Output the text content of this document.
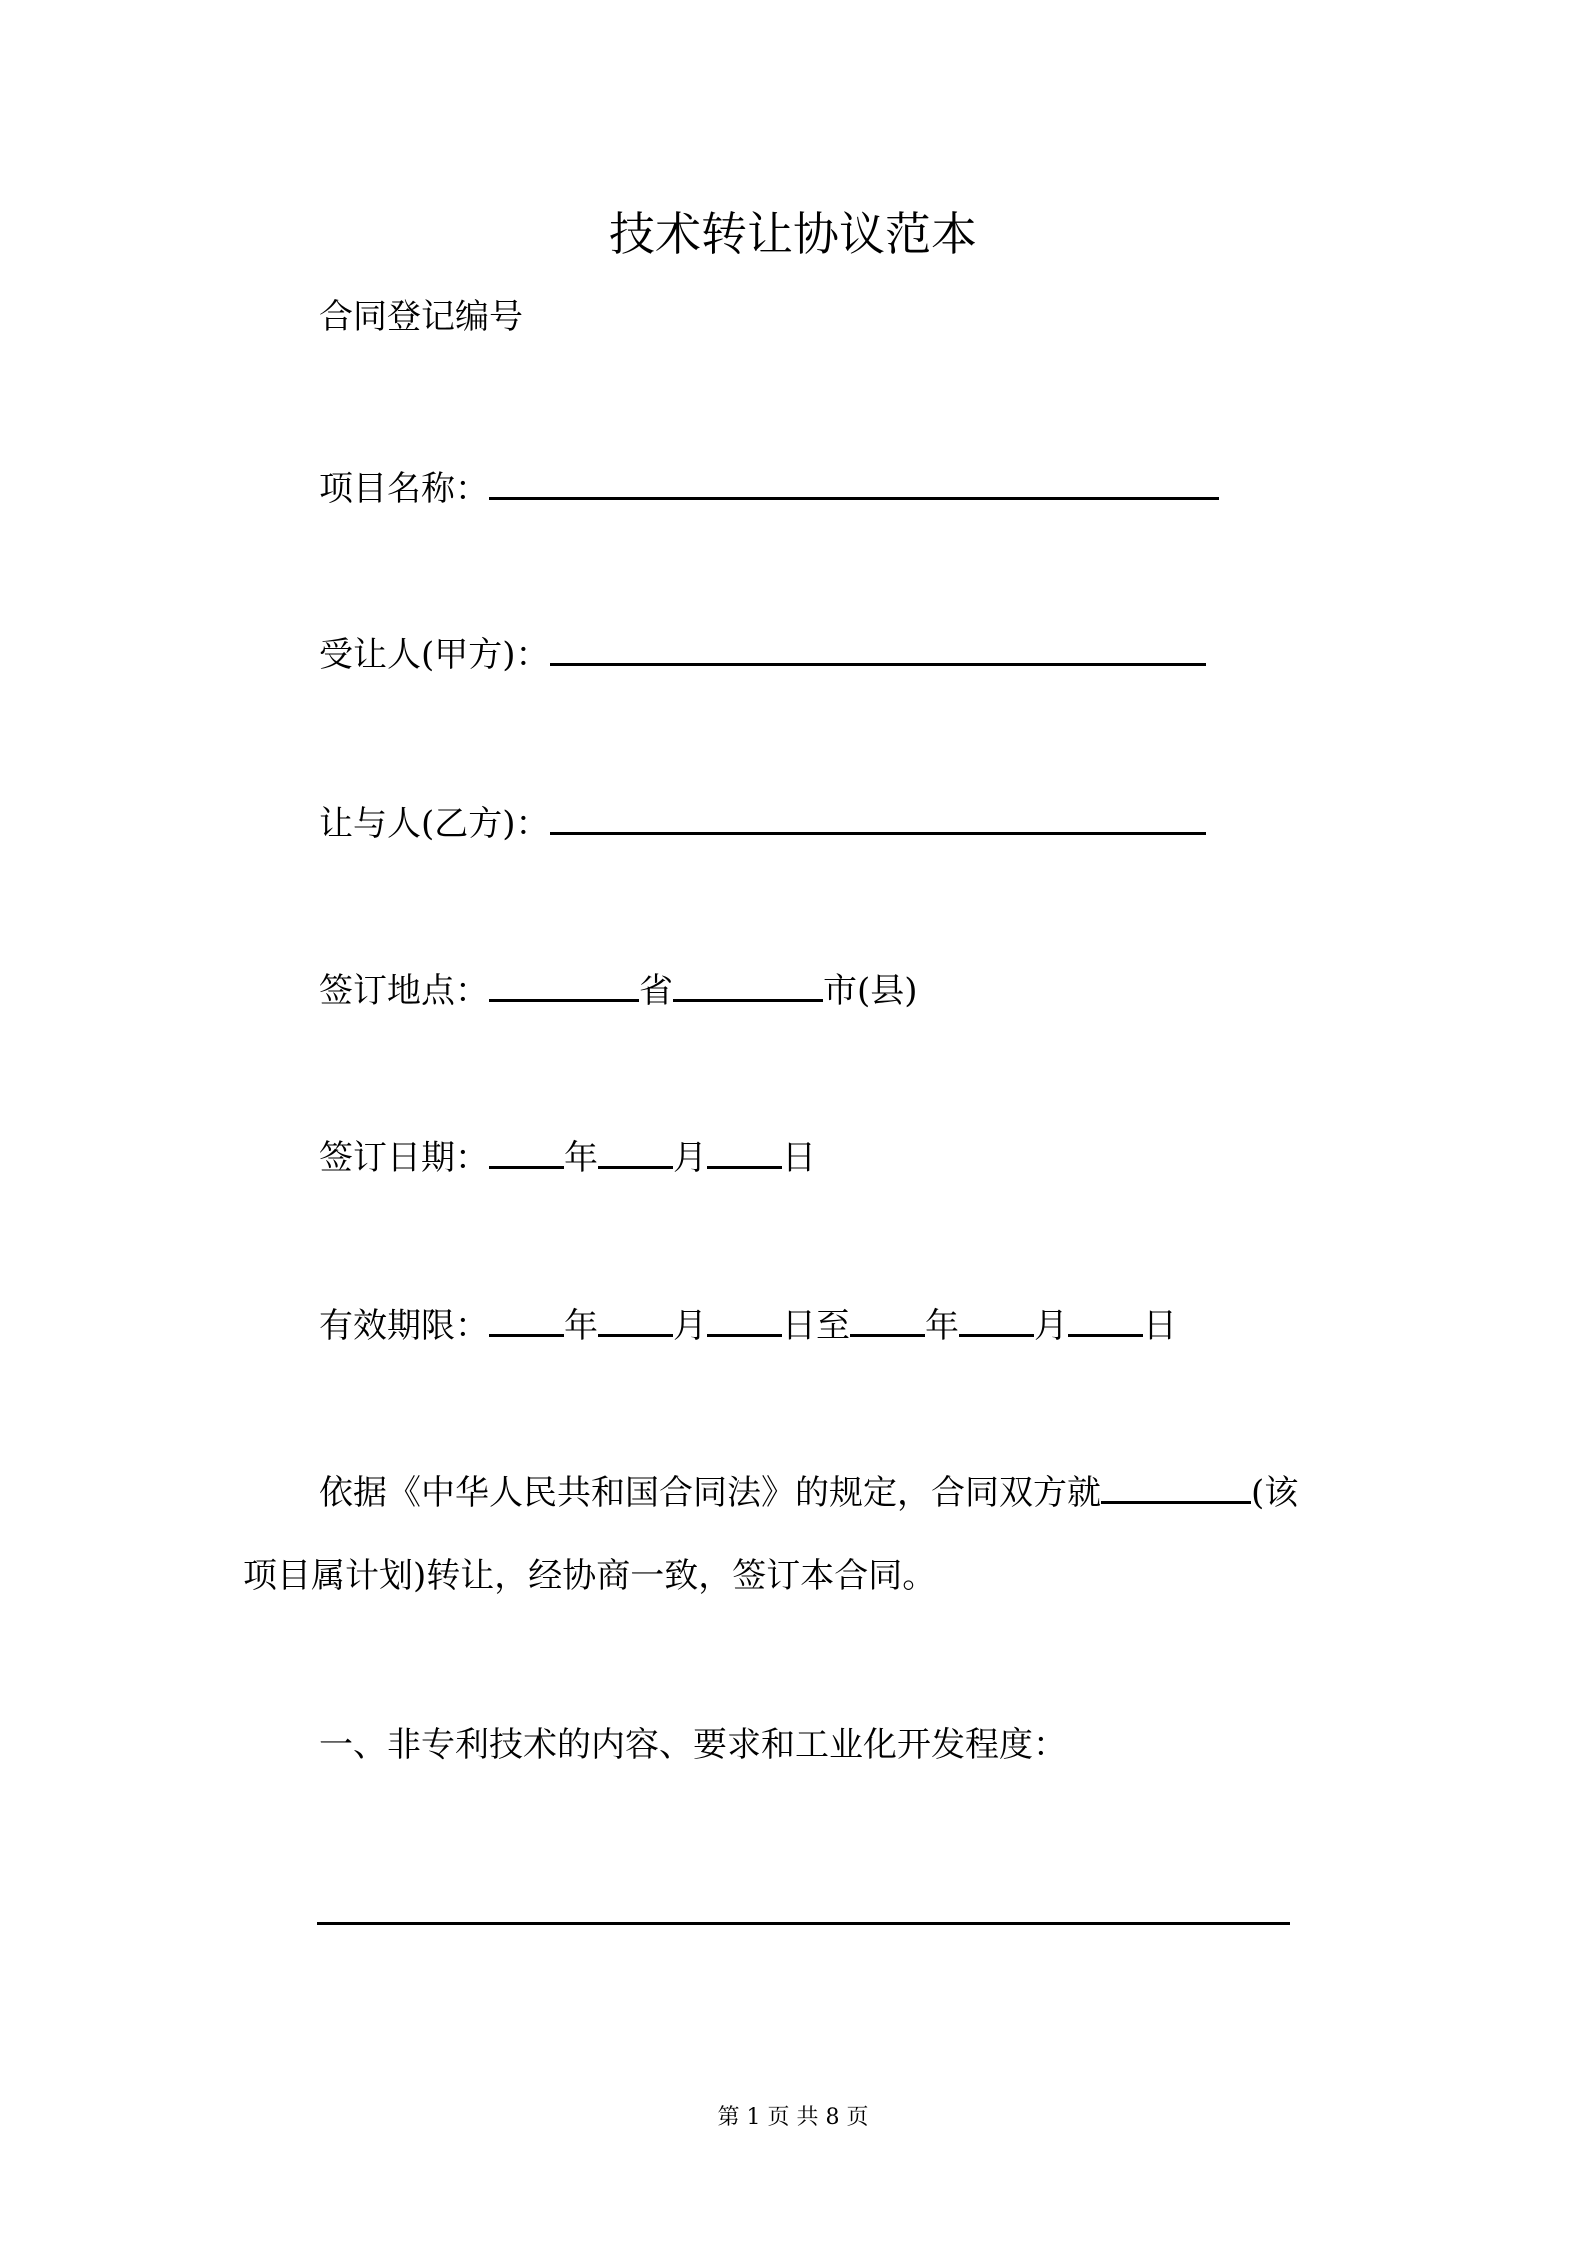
技术转让协议范本
合同登记编号
项目名称：
受让人(甲方)：
让与人(乙方)：
签订地点：	省	市(县)
签订日期： 年 月 日
有效期限： 年 月 日至 年 月 日
依据《中华人民共和国合同法》的规定，合同双方就	(该
项目属计划)转让，经协商一致，签订本合同。
一、非专利技术的内容、要求和工业化开发程度：
第 1 页 共 8 页
